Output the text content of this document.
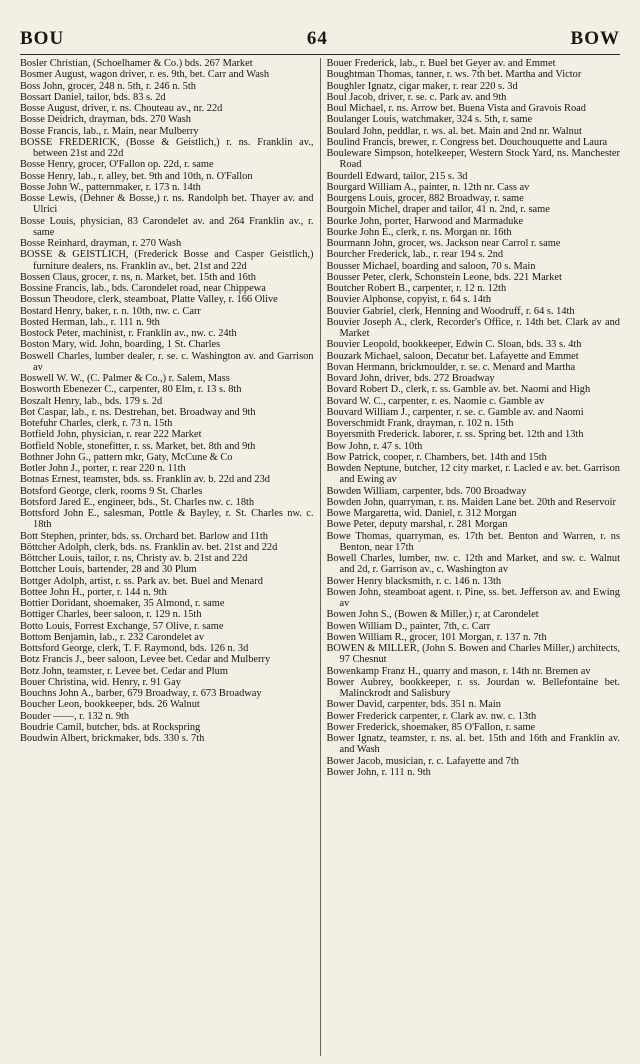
BOU	64	BOW
Bosler Christian, (Schoelhamer & Co.) bds. 267 Market
Bosmer August, wagon driver, r. es. 9th, bet. Carr and Wash
Boss John, grocer, 248 n. 5th, r. 246 n. 5th
Bossart Daniel, tailor, bds. 83 s. 2d
Bosse August, driver, r. ns. Chouteau av., nr. 22d
Bosse Deidrich, drayman, bds. 270 Wash
Bosse Francis, lab., r. Main, near Mulberry
BOSSE FREDERICK, (Bosse & Geistlich,) r. ns. Franklin av., between 21st and 22d
Bosse Henry, grocer, O'Fallon op. 22d, r. same
Bosse Henry, lab., r. alley, bet. 9th and 10th, n. O'Fallon
Bosse John W., patternmaker, r. 173 n. 14th
Bosse Lewis, (Dehner & Bosse,) r. ns. Randolph bet. Thayer av. and Ulrici
Bosse Louis, physician, 83 Carondelet av. and 264 Franklin av., r. same
Bosse Reinhard, drayman, r. 270 Wash
BOSSE & GEISTLICH, (Frederick Bosse and Casper Geistlich,) furniture dealers, ns. Franklin av., bet. 21st and 22d
Bossen Claus, grocer, r. ns, n. Market, bet. 15th and 16th
Bossine Francis, lab., bds. Carondelet road, near Chippewa
Bossun Theodore, clerk, steamboat, Platte Valley, r. 166 Olive
Bostard Henry, baker, r. n. 10th, nw. c. Carr
Bosted Herman, lab., r. 111 n. 9th
Bostock Peter, machinist, r. Franklin av., nw. c. 24th
Boston Mary, wid. John, boarding, 1 St. Charles
Boswell Charles, lumber dealer, r. se. c. Washington av. and Garrison av
Boswell W. W., (C. Palmer & Co.,) r. Salem, Mass
Bosworth Ebenezer C., carpenter, 80 Elm, r. 13 s. 8th
Boszalt Henry, lab., bds. 179 s. 2d
Bot Caspar, lab., r. ns. Destrehan, bet. Broadway and 9th
Botefuhr Charles, clerk, r. 73 n. 15th
Botfield John, physician, r. rear 222 Market
Botfield Noble, stonefitter, r. ss. Market, bet. 8th and 9th
Bothner John G., pattern mkr, Gaty, McCune & Co
Botler John J., porter, r. rear 220 n. 11th
Botnas Ernest, teamster, bds. ss. Franklin av. b. 22d and 23d
Botsford George, clerk, rooms 9 St. Charles
Botsford Jared E., engineer, bds., St. Charles nw. c. 18th
Bottsford John E., salesman, Pottle & Bayley, r. St. Charles nw. c. 18th
Bott Stephen, printer, bds. ss. Orchard bet. Barlow and 11th
Böttcher Adolph, clerk, bds. ns. Franklin av. bet. 21st and 22d
Böttcher Louis, tailor, r. ns, Christy av. b. 21st and 22d
Bottcher Louis, bartender, 28 and 30 Plum
Bottger Adolph, artist, r. ss. Park av. bet. Buel and Menard
Bottee John H., porter, r. 144 n. 9th
Bottier Doridant, shoemaker, 35 Almond, r. same
Bottiger Charles, beer saloon, r. 129 n. 15th
Botto Louis, Forrest Exchange, 57 Olive, r. same
Bottom Benjamin, lab., r. 232 Carondelet av
Bottsford George, clerk, T. F. Raymond, bds. 126 n. 3d
Botz Francis J., beer saloon, Levee bet. Cedar and Mulberry
Botz John, teamster, r. Levee bet. Cedar and Plum
Bouer Christina, wid. Henry, r. 91 Gay
Bouchns John A., barber, 679 Broadway, r. 673 Broadway
Boucher Leon, bookkeeper, bds. 26 Walnut
Bouder ——, r. 132 n. 9th
Boudrie Camil, butcher, bds. at Rockspring
Boudwin Albert, brickmaker, bds. 330 s. 7th
Bouer Frederick, lab., r. Buel bet Geyer av. and Emmet
Boughtman Thomas, tanner, r. ws. 7th bet. Martha and Victor
Boughler Ignatz, cigar maker, r. rear 220 s. 3d
Boul Jacob, driver, r. se. c. Park av. and 9th
Boul Michael, r. ns. Arrow bet. Buena Vista and Gravois Road
Boulanger Louis, watchmaker, 324 s. 5th, r. same
Boulard John, peddlar, r. ws. al. bet. Main and 2nd nr. Walnut
Boulind Francis, brewer, r. Congress bet. Douchouquette and Laura
Bouleware Simpson, hotelkeeper, Western Stock Yard, ns. Manchester Road
Bourdell Edward, tailor, 215 s. 3d
Bourgard William A., painter, n. 12th nr. Cass av
Bourgens Louis, grocer, 882 Broadway, r. same
Bourgoin Michel, draper and tailor, 41 n. 2nd, r. same
Bourke John, porter, Harwood and Marmaduke
Bourke John E., clerk, r. ns. Morgan nr. 16th
Bourmann John, grocer, ws. Jackson near Carrol r. same
Bourcher Frederick, lab., r. rear 194 s. 2nd
Bousser Michael, boarding and saloon, 70 s. Main
Bousser Peter, clerk, Schonstein Leone, bds. 221 Market
Boutcher Robert B., carpenter, r. 12 n. 12th
Bouvier Alphonse, copyist, r. 64 s. 14th
Bouvier Gabriel, clerk, Henning and Woodruff, r. 64 s. 14th
Bouvier Joseph A., clerk, Recorder's Office, r. 14th bet. Clark av and Market
Bouvier Leopold, bookkeeper, Edwin C. Sloan, bds. 33 s. 4th
Bouzark Michael, saloon, Decatur bet. Lafayette and Emmet
Bovan Hermann, brickmoulder, r. se. c. Menard and Martha
Bovard John, driver, bds. 272 Broadway
Bovard Robert D., clerk, r. ss. Gamble av. bet. Naomi and High
Bovard W. C., carpenter, r. es. Naomie c. Gamble av
Bouvard William J., carpenter, r. se. c. Gamble av. and Naomi
Boverschmidt Frank, drayman, r. 102 n. 15th
Boyersmith Frederick. laborer, r. ss. Spring bet. 12th and 13th
Bow John, r. 47 s. 10th
Bow Patrick, cooper, r. Chambers, bet. 14th and 15th
Bowden Neptune, butcher, 12 city market, r. Lacled e av. bet. Garrison and Ewing av
Bowden William, carpenter, bds. 700 Broadway
Bowden John, quarryman, r. ns. Maiden Lane bet. 20th and Reservoir
Bowe Margaretta, wid. Daniel, r. 312 Morgan
Bowe Peter, deputy marshal, r. 281 Morgan
Bowe Thomas, quarryman, es. 17th bet. Benton and Warren, r. ns Benton, near 17th
Bowell Charles, lumber, nw. c. 12th and Market, and sw. c. Walnut and 2d, r. Garrison av., c. Washington av
Bower Henry blacksmith, r. c. 146 n. 13th
Bowen John, steamboat agent. r. Pine, ss. bet. Jefferson av. and Ewing av
Bowen John S., (Bowen & Miller,) r, at Carondelet
Bowen William D., painter, 7th, c. Carr
Bowen William R., grocer, 101 Morgan, r. 137 n. 7th
BOWEN & MILLER, (John S. Bowen and Charles Miller,) architects, 97 Chesnut
Bowenkamp Franz H., quarry and mason, r. 14th nr. Bremen av
Bower Aubrey, bookkeeper, r. ss. Jourdan w. Bellefontaine bet. Malinckrodt and Salisbury
Bower David, carpenter, bds. 351 n. Main
Bower Frederick carpenter, r. Clark av. nw. c. 13th
Bower Frederick, shoemaker, 85 O'Fallon, r. same
Bower Ignatz, teamster, r. ns. al. bet. 15th and 16th and Franklin av. and Wash
Bower Jacob, musician, r. c. Lafayette and 7th
Bower John, r. 111 n. 9th
